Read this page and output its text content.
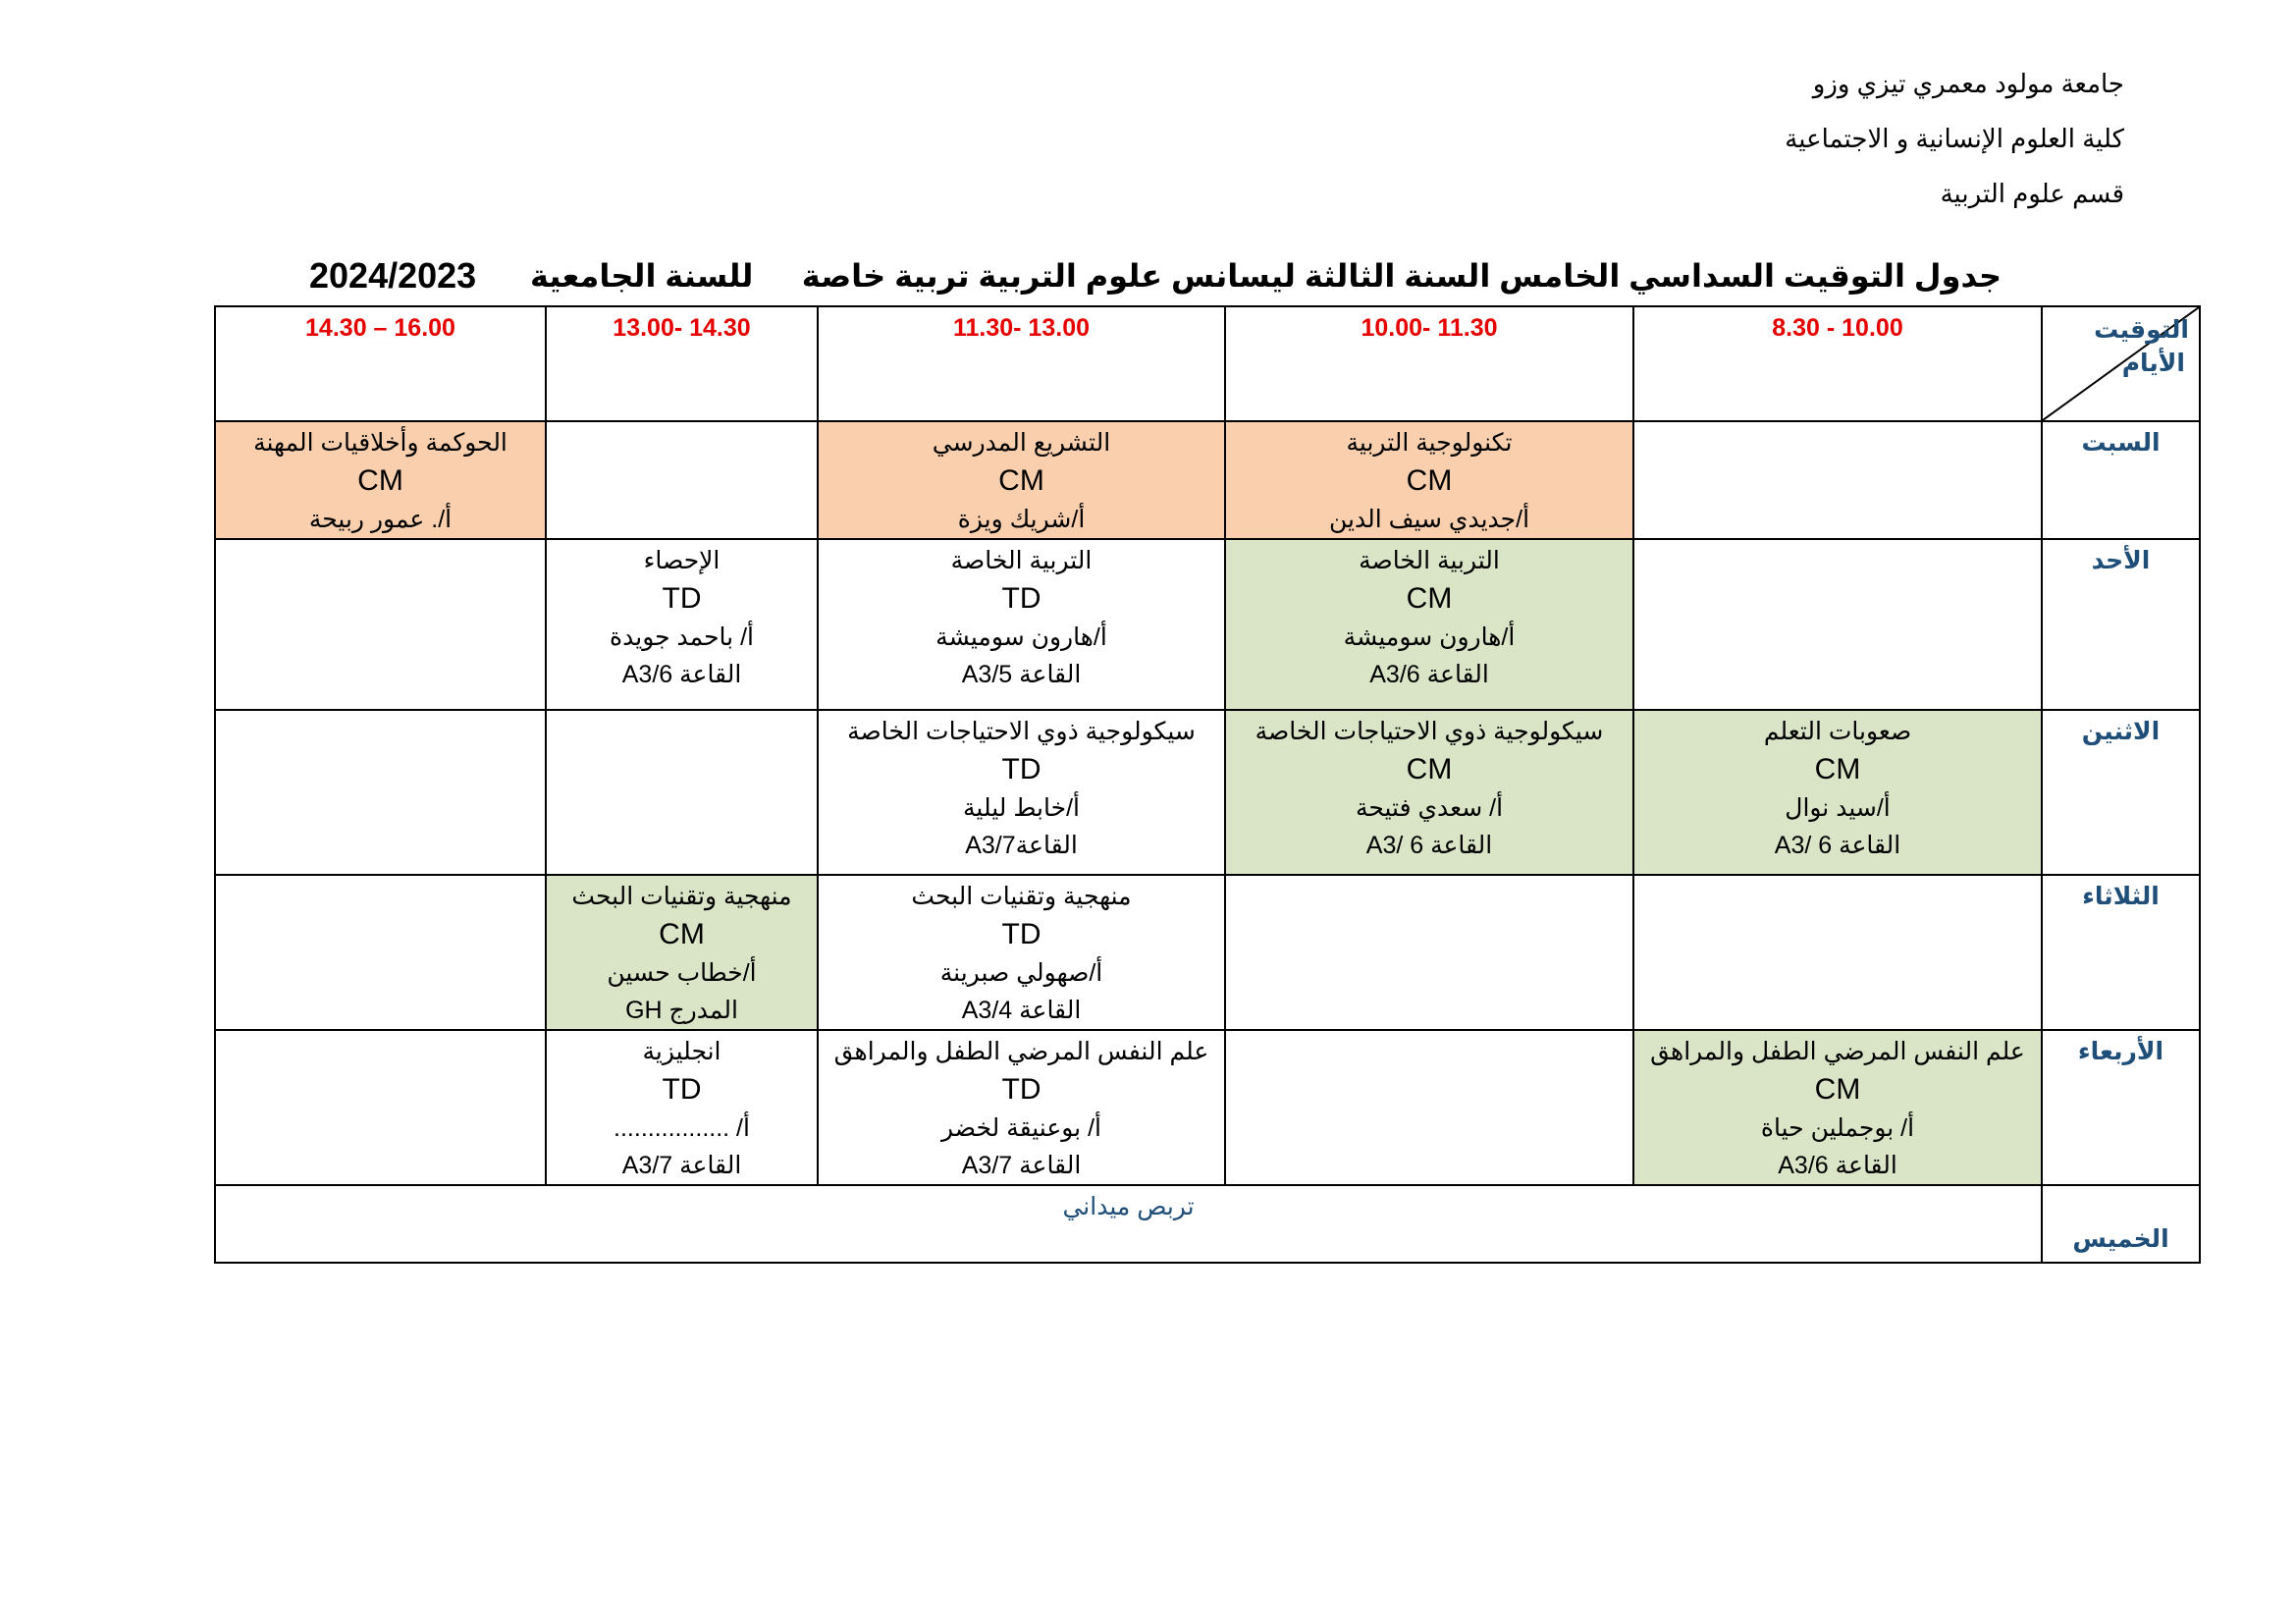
جامعة مولود معمري تيزي وزو
كلية العلوم الإنسانية و الاجتماعية
قسم علوم التربية
جدول التوقيت السداسي الخامس السنة الثالثة ليسانس علوم التربية تربية خاصة
للسنة الجامعية
2024/2023
14.30 – 16.00	13.00- 14.30	11.30- 13.00	10.00- 11.30	8.30 - 10.00	التوقيت
الأيام

الحوكمة وأخلاقيات المهنة
CM
أ/. عمور ربيحة		التشريع المدرسي
CM
أ/شريك ويزة	تكنولوجية التربية
CM
أ/جديدي سيف الدين		السبت

	الإحصاء
TD
أ/ باحمد جويدة
القاعة A3/6	التربية الخاصة
TD
أ/هارون سوميشة
القاعة A3/5	التربية الخاصة
CM
أ/هارون سوميشة
القاعة A3/6		الأحد

		سيكولوجية ذوي الاحتياجات الخاصة
TD
أ/خابط ليلية
القاعةA3/7	سيكولوجية ذوي الاحتياجات الخاصة
CM
أ/ سعدي فتيحة
القاعة A3/ 6	صعوبات التعلم
CM
أ/سيد نوال
القاعة A3/ 6	الاثنين

	منهجية وتقنيات البحث
CM
أ/خطاب حسين
المدرج GH	منهجية وتقنيات البحث
TD
أ/صهولي صبرينة
القاعة A3/4			الثلاثاء

	انجليزية
TD
أ/ .................
القاعة A3/7	علم النفس المرضي الطفل والمراهق
TD
أ/ بوعنيقة لخضر
القاعة A3/7		علم النفس المرضي الطفل والمراهق
CM
أ/ بوجملين حياة
القاعة A3/6	الأربعاء

تربص ميداني					الخميس
